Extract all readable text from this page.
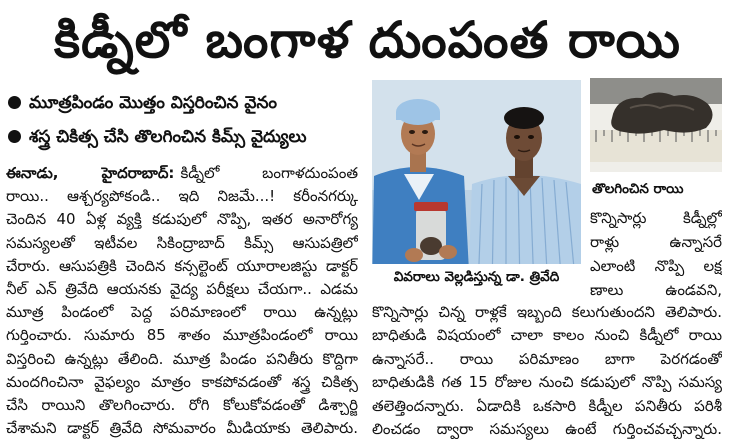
కిడ్నీలో బంగాళ దుంపంత రాయి
మూత్రపిండం మొత్తం విస్తరించిన వైనం
శస్త్ర చికిత్స చేసి తొలగించిన కిమ్స్ వైద్యులు
ఈనాడు, హైదరాబాద్: కిడ్నీలో బంగాళదుంపంత
రాయి.. ఆశ్చర్యపోకండి.. ఇది నిజమే...! కరీంనగర్కు
చెందిన 40 ఏళ్ల వ్యక్తి కడుపులో నొప్పి, ఇతర అనారోగ్య
సమస్యలతో ఇటీవల సికింద్రాబాద్ కిమ్స్ ఆసుపత్రిలో
చేరారు. ఆసుపత్రికి చెందిన కన్సల్టెంట్ యూరాలజిస్టు డాక్టర్
నీల్ ఎన్ త్రివేది ఆయనకు వైద్య పరీక్షలు చేయగా.. ఎడమ
మూత్ర పిండంలో పెద్ద పరిమాణంలో రాయి ఉన్నట్లు
గుర్తించారు. సుమారు 85 శాతం మూత్రపిండంలో రాయి
విస్తరించి ఉన్నట్లు తేలింది. మూత్ర పిండం పనితీరు కొద్దిగా
మందగించినా వైఫల్యం మాత్రం కాకపోవడంతో శస్త్ర చికిత్స
చేసి రాయిని తొలగించారు. రోగి కోలుకోవడంతో డిశ్చార్జి
చేశామని డాక్టర్ త్రివేది సోమవారం మీడియాకు తెలిపారు.
వివరాలు వెల్లడిస్తున్న డా. త్రివేది
తొలగించిన రాయి
కొన్నిసార్లు కిడ్నీల్లో
రాళ్లు ఉన్నాసరే
ఎలాంటి నొప్పి లక్ష
ణాలు ఉండవని,
కొన్నిసార్లు చిన్న రాళ్లకే ఇబ్బంది కలుగుతుందని తెలిపారు.
బాధితుడి విషయంలో చాలా కాలం నుంచి కిడ్నీలో రాయి
ఉన్నాసరే.. రాయి పరిమాణం బాగా పెరగడంతో
బాధితుడికి గత 15 రోజుల నుంచి కడుపులో నొప్పి సమస్య
తలెత్తిందన్నారు. ఏడాదికి ఒకసారి కిడ్నీల పనితీరు పరిశీ
లించడం ద్వారా సమస్యలు ఉంటే గుర్తించవచ్చన్నారు.
